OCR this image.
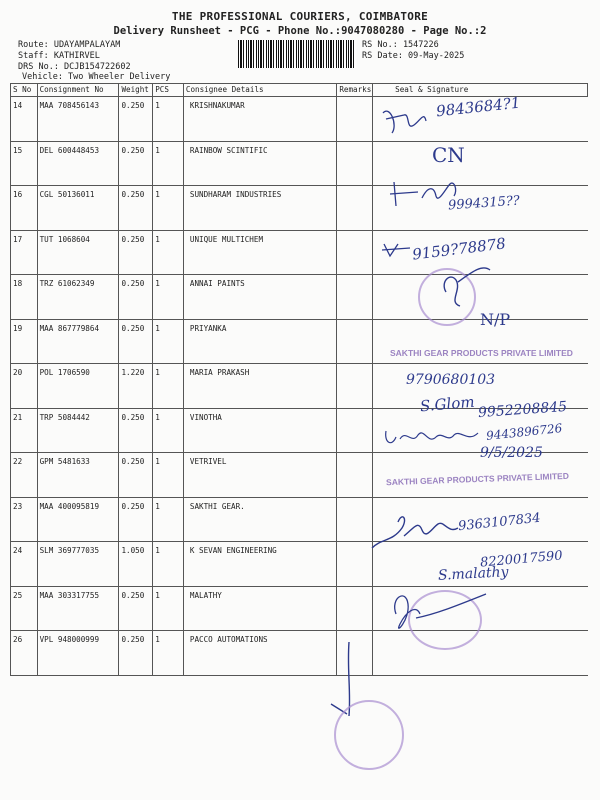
THE PROFESSIONAL COURIERS, COIMBATORE
Delivery Runsheet - PCG - Phone No.:9047080280 - Page No.:2
Route: UDAYAMPALAYAM
Staff: KATHIRVEL
DRS No.: DCJB154722602
Vehicle: Two Wheeler Delivery
RS No.: 1547226
RS Date: 09-May-2025
S No	Consignment No	Weight	PCS	Consignee Details	Remarks	Seal & Signature
14	MAA 708456143	0.250	1	KRISHNAKUMAR		
15	DEL 600448453	0.250	1	RAINBOW SCINTIFIC		
16	CGL 50136011	0.250	1	SUNDHARAM INDUSTRIES		
17	TUT 1068604	0.250	1	UNIQUE MULTICHEM		
18	TRZ 61062349	0.250	1	ANNAI PAINTS		
19	MAA 867779864	0.250	1	PRIYANKA		
20	POL 1706590	1.220	1	MARIA PRAKASH		
21	TRP 5084442	0.250	1	VINOTHA		
22	GPM 5481633	0.250	1	VETRIVEL		
23	MAA 400095819	0.250	1	SAKTHI GEAR.		
24	SLM 369777035	1.050	1	K SEVAN ENGINEERING		
25	MAA 303317755	0.250	1	MALATHY		
26	VPL 948000999	0.250	1	PACCO AUTOMATIONS		
9843684?1
CN
9994315??
9159?78878
N/P
SAKTHI GEAR PRODUCTS PRIVATE LIMITED
9790680103
S.Glom 9952208845
9443896726
9/5/2025
SAKTHI GEAR PRODUCTS PRIVATE LIMITED
9363107834
8220017590
S.malathy
